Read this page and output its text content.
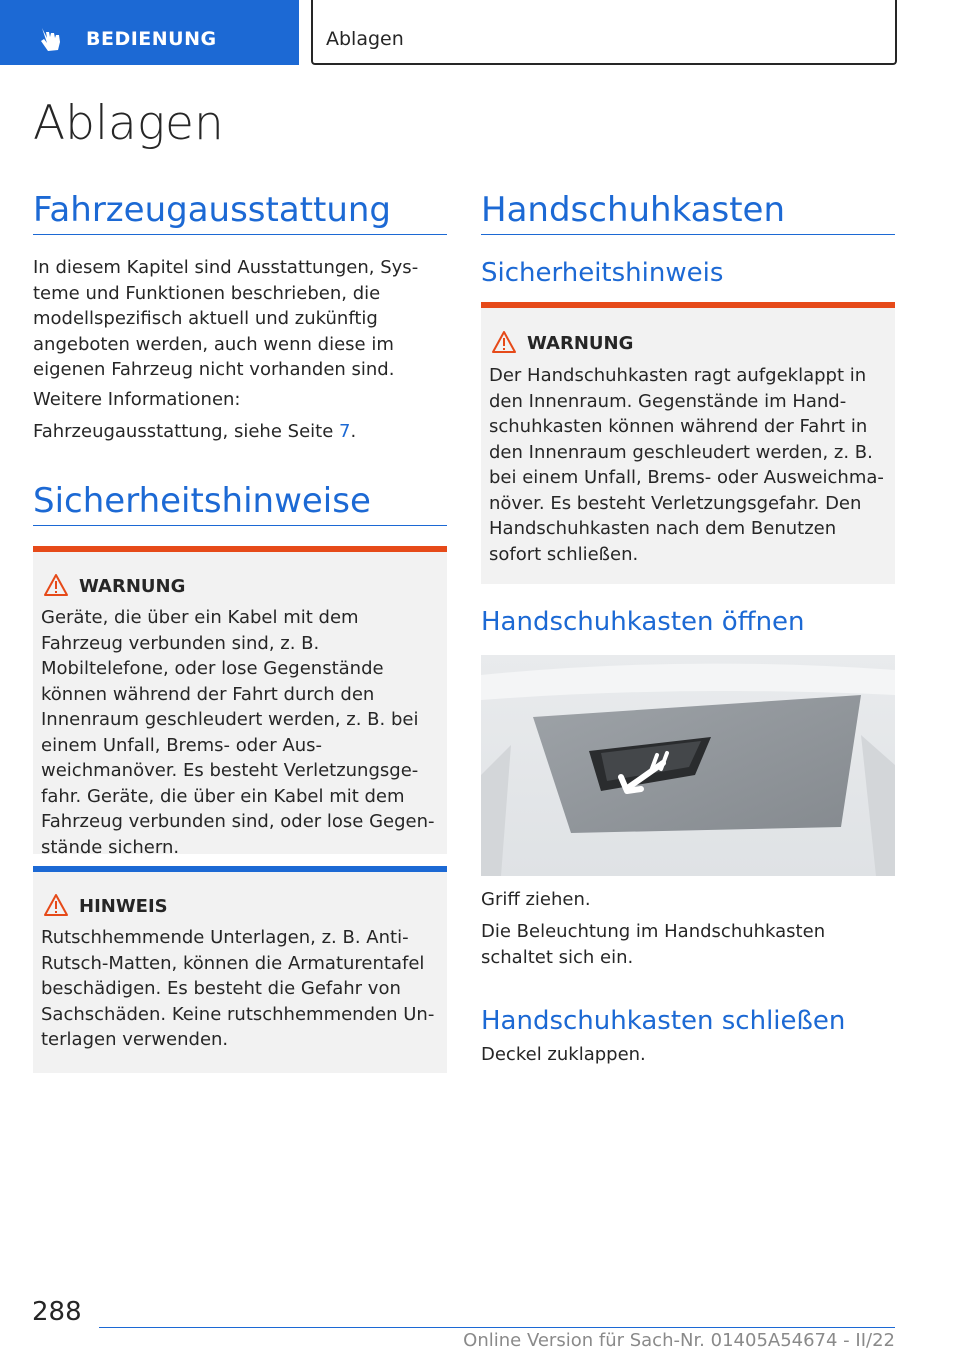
BEDIENUNG	Ablagen
Ablagen
Fahrzeugausstattung

In diesem Kapitel sind Ausstattungen, Systeme und Funktionen beschrieben, die modellspezifisch aktuell und zukünftig angeboten werden, auch wenn diese im eigenen Fahrzeug nicht vorhanden sind.

Weitere Informationen:

Fahrzeugausstattung, siehe Seite 7.

Sicherheitshinweise
WARNUNG

Geräte, die über ein Kabel mit dem Fahrzeug verbunden sind, z. B. Mobiltelefone, oder lose Gegenstände können während der Fahrt durch den Innenraum geschleudert werden, z. B. bei einem Unfall, Brems- oder Ausweichmanöver. Es besteht Verletzungsgefahr. Geräte, die über ein Kabel mit dem Fahrzeug verbunden sind, oder lose Gegenstände sichern.

HINWEIS

Rutschhemmende Unterlagen, z. B. Anti-Rutsch-Matten, können die Armaturentafel beschädigen. Es besteht die Gefahr von Sachschäden. Keine rutschhemmenden Unterlagen verwenden.

Handschuhkasten
Sicherheitshinweis
WARNUNG

Der Handschuhkasten ragt aufgeklappt in den Innenraum. Gegenstände im Handschuhkasten können während der Fahrt in den Innenraum geschleudert werden, z. B. bei einem Unfall, Brems- oder Ausweichmanöver. Es besteht Verletzungsgefahr. Den Handschuhkasten nach dem Benutzen sofort schließen.

Handschuhkasten öffnen

Griff ziehen.

Die Beleuchtung im Handschuhkasten schaltet sich ein.

Handschuhkasten schließen

Deckel zuklappen.

288
Online Version für Sach-Nr. 01405A54674 - II/22
